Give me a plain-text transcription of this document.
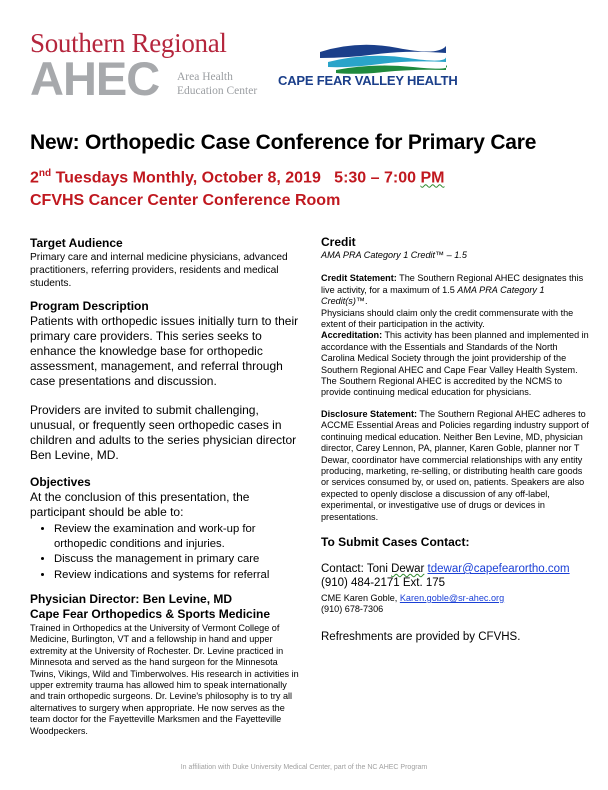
Southern Regional
AHEC Area Health
Education Center
CAPE FEAR VALLEY HEALTH
New: Orthopedic Case Conference for Primary Care
2nd Tuesdays Monthly, October 8, 2019   5:30 – 7:00 PM
CFVHS Cancer Center Conference Room
Target Audience

Primary care and internal medicine physicians, advanced practitioners, referring providers, residents and medical students.

Program Description

Patients with orthopedic issues initially turn to their primary care providers. This series seeks to enhance the knowledge base for orthopedic assessment, management, and referral through case presentations and discussion.

Providers are invited to submit challenging, unusual, or frequently seen orthopedic cases in children and adults to the series physician director Ben Levine, MD.

Objectives

At the conclusion of this presentation, the participant should be able to:

• Review the examination and work-up for orthopedic conditions and injuries.
• Discuss the management in primary care
• Review indications and systems for referral
Physician Director: Ben Levine, MD
Cape Fear Orthopedics & Sports Medicine

Trained in Orthopedics at the University of Vermont College of Medicine, Burlington, VT and a fellowship in hand and upper extremity at the University of Rochester. Dr. Levine practiced in Minnesota and served as the hand surgeon for the Minnesota Twins, Vikings, Wild and Timberwolves. His research in activities in upper extremity trauma has allowed him to speak internationally and train orthopedic surgeons. Dr. Levine's philosophy is to try all alternatives to surgery when appropriate. He now serves as the team doctor for the Fayetteville Marksmen and the Fayetteville Woodpeckers.

Credit

AMA PRA Category 1 Credit™ – 1.5

Credit Statement: The Southern Regional AHEC designates this live activity, for a maximum of 1.5 AMA PRA Category 1 Credit(s)™.

Physicians should claim only the credit commensurate with the extent of their participation in the activity.

Accreditation: This activity has been planned and implemented in accordance with the Essentials and Standards of the North Carolina Medical Society through the joint providership of the Southern Regional AHEC and Cape Fear Valley Health System. The Southern Regional AHEC is accredited by the NCMS to provide continuing medical education for physicians.

Disclosure Statement: The Southern Regional AHEC adheres to ACCME Essential Areas and Policies regarding industry support of continuing medical education. Neither Ben Levine, MD, physician director, Carey Lennon, PA, planner, Karen Goble, planner nor T Dewar, coordinator have commercial relationships with any entity

producing, marketing, re-selling, or distributing health care goods or services consumed by, or used on, patients. Speakers are also expected to openly disclose a discussion of any off-label, experimental, or investigative use of drugs or devices in presentations.

To Submit Cases Contact:

Contact: Toni Dewar tdewar@capefearortho.com

(910) 484-2171 Ext. 175

CME Karen Goble, Karen.goble@sr-ahec.org

(910) 678-7306

Refreshments are provided by CFVHS.

In affiliation with Duke University Medical Center, part of the NC AHEC Program
